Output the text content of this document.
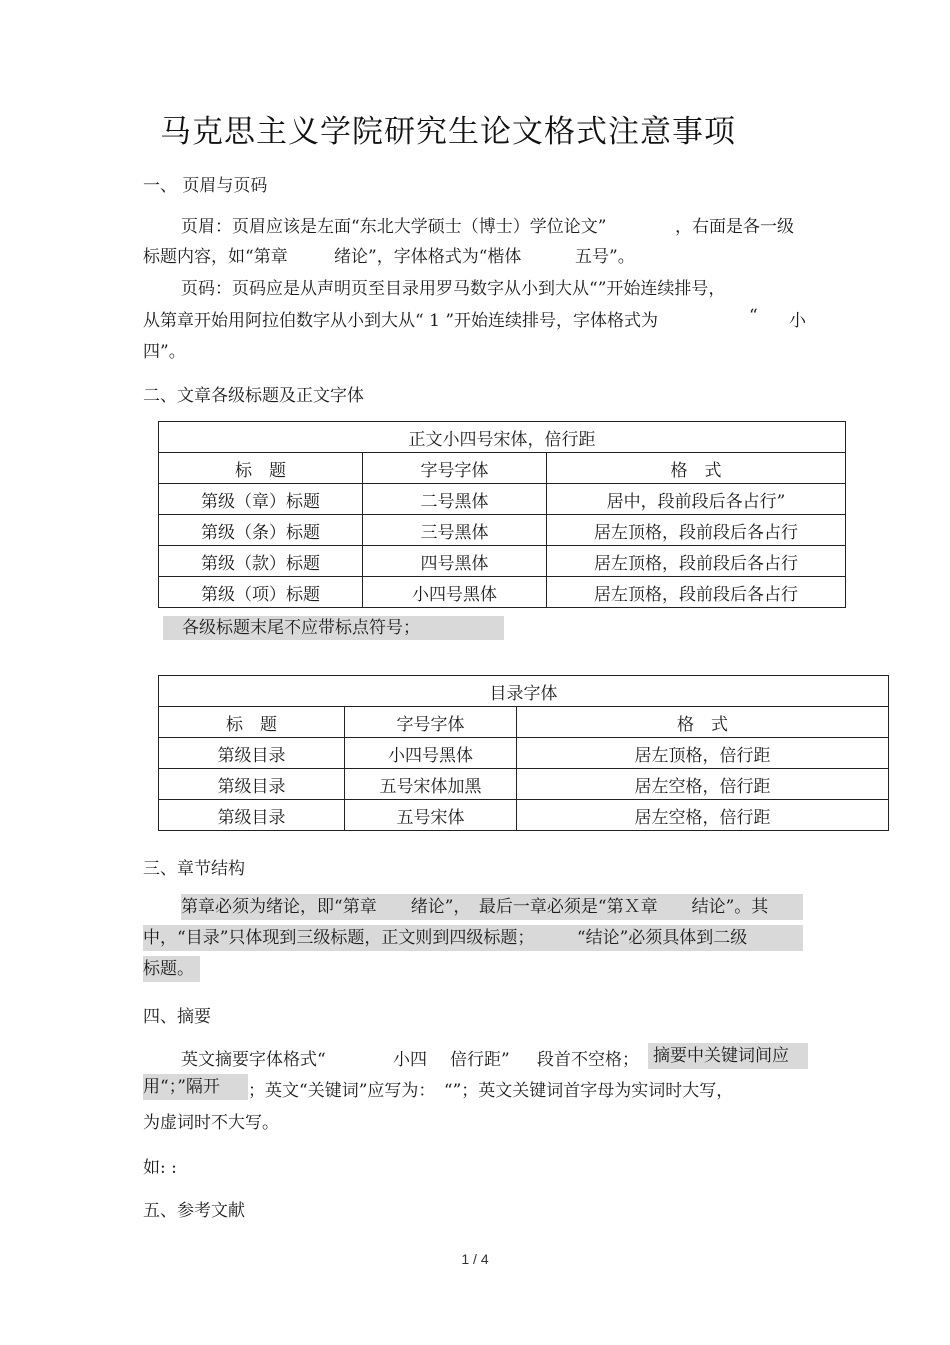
马克思主义学院研究生论文格式注意事项
一、 页眉与页码
页眉：页眉应该是左面“东北大学硕士（博士）学位论文”	，右面是各一级
标题内容，如“第章	绪论”，字体格式为“楷体	五号”。
页码：页码应是从声明页至目录用罗马数字从小到大从“”开始连续排号，
从第章开始用阿拉伯数字从小到大从“ 1 ”开始连续排号，字体格式为	“ 小
四”。
二、文章各级标题及正文字体
正文小四号宋体，倍行距		
标　题	字号字体	格　式
第级（章）标题	二号黑体	居中，段前段后各占行”
第级（条）标题	三号黑体	居左顶格，段前段后各占行
第级（款）标题	四号黑体	居左顶格，段前段后各占行
第级（项）标题	小四号黑体	居左顶格，段前段后各占行
各级标题末尾不应带标点符号；
目录字体		
标　题	字号字体	格　式
第级目录	小四号黑体	居左顶格，倍行距
第级目录	五号宋体加黑	居左空格，倍行距
第级目录	五号宋体	居左空格，倍行距
三、章节结构
第章必须为绪论，即“第章　　绪论”，　最后一章必须是“第Ｘ章　　结论”。其
中，“目录”只体现到三级标题，正文则到四级标题；　　　“结论”必须具体到二级
标题。
四、摘要
英文摘要字体格式“	小四 倍行距” 段首不空格； 摘要中关键词间应
用“；”隔开	；英文“关键词”应写为：　“”；英文关键词首字母为实词时大写，
为虚词时不大写。
如: :
五、参考文献
1 / 4
